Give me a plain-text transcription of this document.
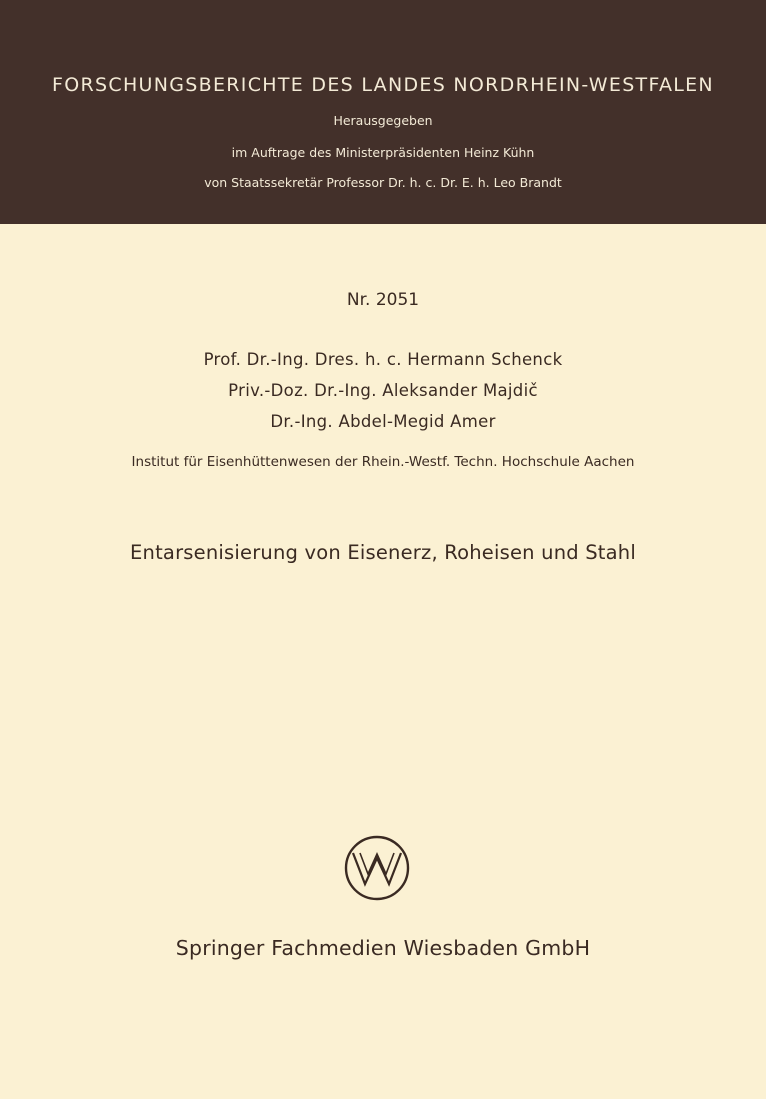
FORSCHUNGSBERICHTE DES LANDES NORDRHEIN-WESTFALEN
Herausgegeben
im Auftrage des Ministerpräsidenten Heinz Kühn
von Staatssekretär Professor Dr. h. c. Dr. E. h. Leo Brandt
Nr. 2051
Prof. Dr.-Ing. Dres. h. c. Hermann Schenck
Priv.-Doz. Dr.-Ing. Aleksander Majdič
Dr.-Ing. Abdel-Megid Amer
Institut für Eisenhüttenwesen der Rhein.-Westf. Techn. Hochschule Aachen
Entarsenisierung von Eisenerz, Roheisen und Stahl
Springer Fachmedien Wiesbaden GmbH
